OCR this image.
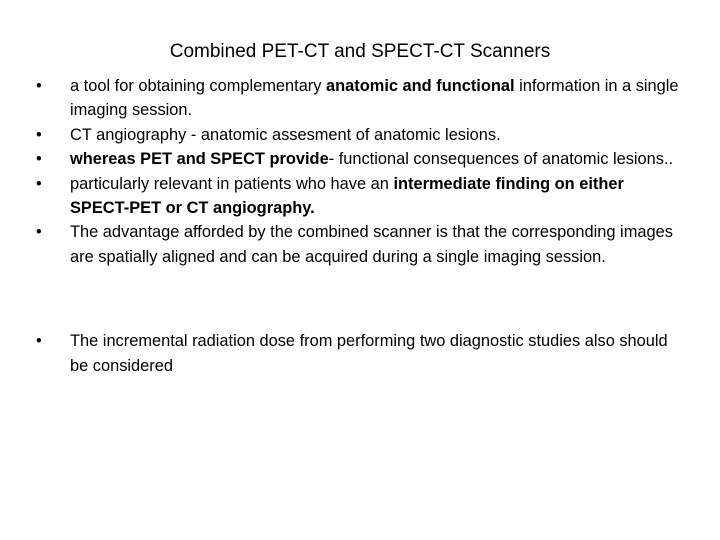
Combined PET-CT and SPECT-CT Scanners
•	a tool for obtaining complementary anatomic and functional information in a single imaging session.
•	CT angiography - anatomic assesment of anatomic lesions.
•	whereas PET and SPECT provide- functional consequences of anatomic lesions..
•	particularly relevant in patients who have an intermediate finding on either SPECT-PET or CT angiography.
•	The advantage afforded by the combined scanner is that the corresponding images are spatially aligned and can be acquired during a single imaging session.
•	The incremental radiation dose from performing two diagnostic studies also should be considered
